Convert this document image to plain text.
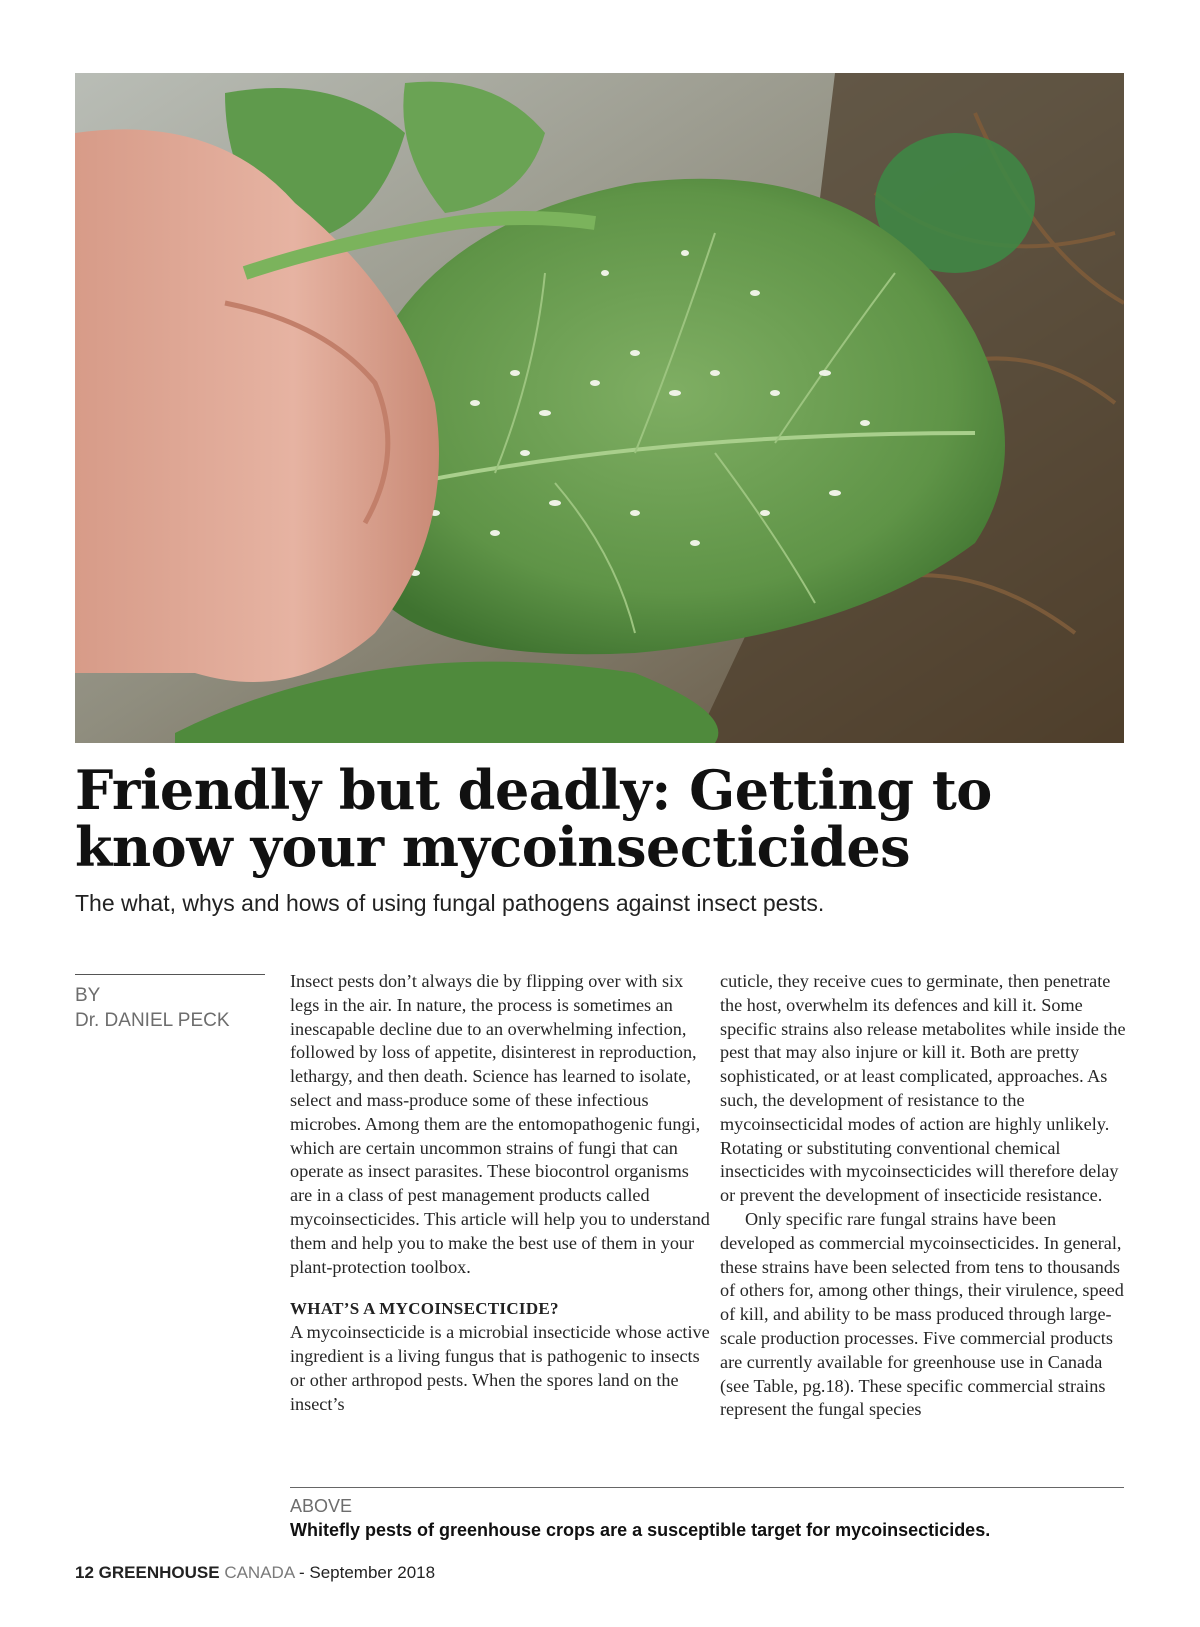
Friendly but deadly: Getting to know your mycoinsecticides

The what, whys and hows of using fungal pathogens against insect pests.

BY
Dr. DANIEL PECK

Insect pests don’t always die by flipping over with six legs in the air. In nature, the process is sometimes an inescapable decline due to an overwhelming infection, followed by loss of appetite, disinterest in reproduction, lethargy, and then death. Science has learned to isolate, select and mass-produce some of these infectious microbes. Among them are the entomopathogenic fungi, which are certain uncommon strains of fungi that can operate as insect parasites. These biocontrol organisms are in a class of pest management products called mycoinsecticides. This article will help you to understand them and help you to make the best use of them in your plant-protection toolbox.

WHAT’S A MYCOINSECTICIDE?

A mycoinsecticide is a microbial insecticide whose active ingredient is a living fungus that is pathogenic to insects or other arthropod pests. When the spores land on the insect’s

cuticle, they receive cues to germinate, then penetrate the host, overwhelm its defences and kill it. Some specific strains also release metabolites while inside the pest that may also injure or kill it. Both are pretty sophisticated, or at least complicated, approaches. As such, the development of resistance to the mycoinsecticidal modes of action are highly unlikely. Rotating or substituting conventional chemical insecticides with mycoinsecticides will therefore delay or prevent the development of insecticide resistance.

Only specific rare fungal strains have been developed as commercial mycoinsecticides. In general, these strains have been selected from tens to thousands of others for, among other things, their virulence, speed of kill, and ability to be mass produced through large-scale production processes. Five commercial products are currently available for greenhouse use in Canada (see Table, pg.18). These specific commercial strains represent the fungal species

ABOVE
Whitefly pests of greenhouse crops are a susceptible target for mycoinsecticides.
12 GREENHOUSE CANADA - September 2018
